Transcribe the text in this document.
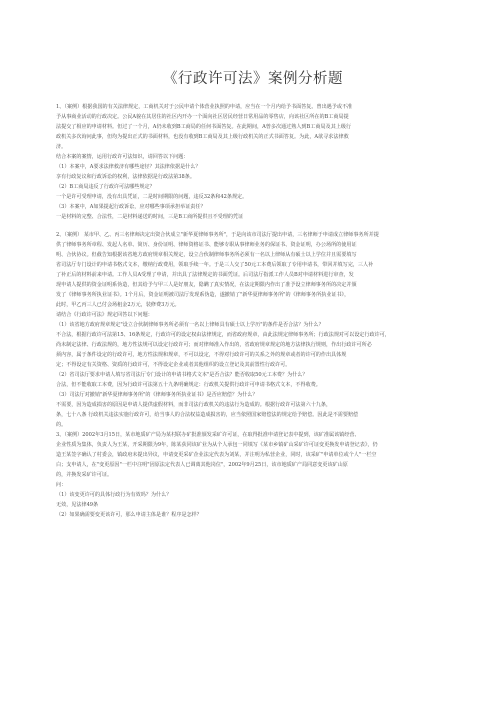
《行政许可法》案例分析题
1、（案例）根据我国的有关法律规定，工商机关对于公民申请个体营业执照的申请，应当在一个月内给予书面答复。曾出遇予或不准
予从事商业活动的行政决定。公民A貌在其居住的社区内开办一个面向社区居民经营日常用品的零售店，向该社区所在的B工商局提
法提交了相应的申请材料。但过了一个月，A仍未收到B工商局的任何书面答复。在此期间，A曾多次通过熟人到B工商局及其上级行
政机关多次询问此事，但均为提出正式的书面材料，也没有收到B工商局及其上级行政机关的正式书面答复。为此，A欲寻求法律救
济。
结合本案的案情，运用行政许可法知识，请回答以下问题：
（1）本案中，A要求法律救济有哪些途径？其法律依据是什么？
享有行政复议和行政诉讼的权利，法律依据是行政法第38条。
（2）B工商局违反了行政许可法哪些规定？
一个是许可受理申请，没有出具凭证，二是时间期限的问题，违反32条和42条规定。
（3）本案中，A如果提起行政诉讼，应对哪些事项承担举证责任？
一是材料的完整、合法性，二是材料递送的时间，三是B工商所提供且不受理的凭证
2、（案例） 某市甲、乙、丙三名律师决定出资合伙成立"新华夏律师事务所"，于是向该市司法厅提出申请，三名律师于申请成立律师事务所并提
供了律师事务所章程、发起人名单、简历、身份证明、律师资格证书、能够专职从事律师业务的保证书、资金证明，办公场所的使用证
明、合伙协议。但截告知根据该省地方政府规章相关规定，设立合伙制律师事务所必须有一名以上律师从有硕士以上学位并且需要填写
省司法厅专门设计的申请书格式文本，缴纳行政费用，领取手续一年。于是三人交了50元工本费后领取了专用申请书，带回并填写完，三人补
了补正后的材料前来申请。工作人员A受理了申请，并出具了法律规定的书面凭证。后司法厅指派工作人员B对申请材料进行审查，发
现申请人提供的资金证明系伪造，但其给予与甲三人是好朋友，隐瞒了真实情况，在法定期限内作出了准予设立律师事务所的决定并颁
发了《律师事务所执业证书》。1个月后，资金证明被司法厅发现系伪造，遂撤销了"新华夏律师事务所"的《律师事务所执业证书》，
此时，甲乙丙三人已付会场租金2万元，装修费3万元。
请结合《行政许可法》规定回答以下问题：
（1）该省地方政府规章规定"设立合伙制律师事务所必须有一名以上律师具有硕士以上学历"的条件是否合法？为什么？
不合法，根据行政许可法第15、16条规定，行政许可的设定权由法律规定，而省政府规章，由此法规定律师事务所；行政法规对可以设定行政许可，
尚未制定法律、行政法规的，地方性法规可以设定行政许可；而对律师准入作出的，省政府规章规定的地方法律执行规则，作出行政许可所必
须内容，属于条件设定的行政许可，地方性法规和规章，不可以设定，不得对行政许可的关系之外的规章或者的许可的作出具体规
定；不得设定有关资格、资质的行政许可，不得设定企业或者其他组织的设立登记及其前置性行政许可。
（2）省司法厅要求申请人填写省司法厅专门设计的申请书格式文本"是否合法？能否收取50元工本费？为什么？
合法，但不能收取工本费，因为行政许可法第五十九条明确规定：行政机关提供行政许可申请书格式文本，不得收费。
（3）司法厅对撤销"新华夏律师事务所"的《律师事务所执业证书》是否应赔偿？为什么？
不需要，因为造成损害的原因是申请人提供虚假材料，而非司法行政机关的违法行为造成的。根据行政许可法第六十九条，
条，七十八条 行政机关违法实施行政许可，给当事人的合法权益造成损害的，应当依照国家赔偿法的规定给予赔偿。因此是不需要赔偿
的。
3、（案例）2002年3月15日，某市地质矿产局为某村联办矿批准颁发采矿许可证，在取得批准申请登记表中提到，该矿准属该镇经营、
企业性质为集体，负责人为王某，开采期限为9年，陈某获同该矿业为从个人承包一同填写《某市乡镇矿山采矿许可证变更换发申请登记表》，仍
造王某签字确认了村委会，镇政府未提出异议，申请变更采矿企业法定代表为刘某，并注明为私营企业，同时，该采矿"申请单位或个人"一栏空
白；支申请人，在"变更原因"一栏中注明"因原法定代表人已调离其他岗位"，2002年9月25日，该市地质矿产局同意变更该矿山原
的，并换发采矿许可证。
问：
（1）该变更许可的具体行政行为有效吗？为什么？
无效，见法律49条
（2）如果确需要变更该许可，那么申请主体是谁？程序是怎样？
